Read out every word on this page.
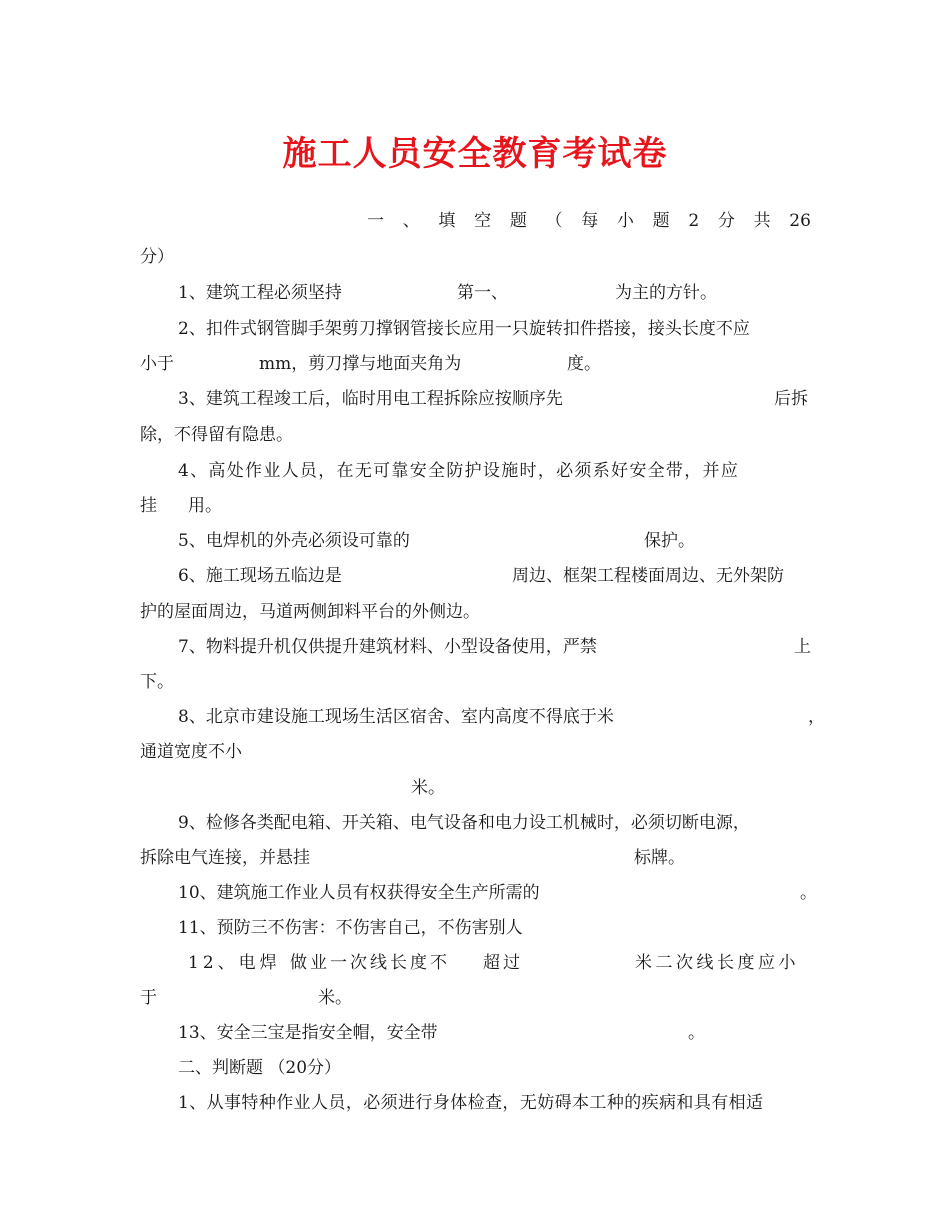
施工人员安全教育考试卷
一 、 填 空 题 （ 每 小 题 2 分 共 26
分）
1、建筑工程必须坚持	第一、	为主的方针。
2、扣件式钢管脚手架剪刀撑钢管接长应用一只旋转扣件搭接，接头长度不应
小于	mm，剪刀撑与地面夹角为	度。
3、建筑工程竣工后，临时用电工程拆除应按顺序先	后拆
除，不得留有隐患。
4、高处作业人员，在无可靠安全防护设施时，必须系好安全带，并应
挂 用。
5、电焊机的外壳必须设可靠的	保护。
6、施工现场五临边是	周边、框架工程楼面周边、无外架防
护的屋面周边，马道两侧卸料平台的外侧边。
7、物料提升机仅供提升建筑材料、小型设备使用，严禁	上
下。
8、北京市建设施工现场生活区宿舍、室内高度不得底于米	，
通道宽度不小
米。
9、检修各类配电箱、开关箱、电气设备和电力设工机械时，必须切断电源，
拆除电气连接，并悬挂	标牌。
10、建筑施工作业人员有权获得安全生产所需的	。
11、预防三不伤害：不伤害自己，不伤害别人
12、电焊 做业一次线长度不 超过	米二次线长度应小
于	米。
13、安全三宝是指安全帽，安全带	。
二、判断题 （20分）
1、从事特种作业人员，必须进行身体检查，无妨碍本工种的疾病和具有相适
